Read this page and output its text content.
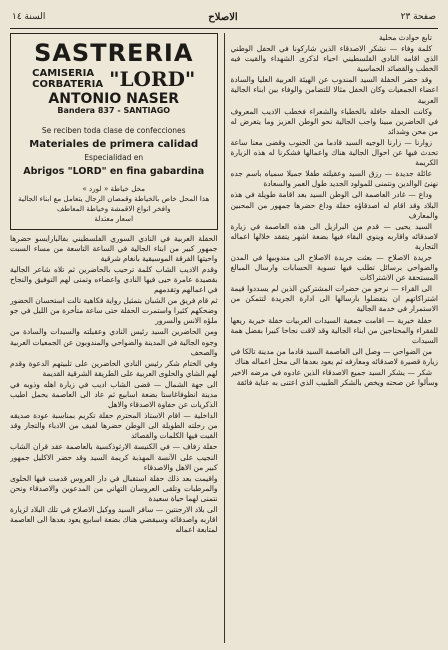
صفحة ٢٣
الاصلاح
السنة ١٤

تابع حوادث محلية

كلمة وفاء — نشكر الاصدقاء الذين شاركونا في الحفل الوطني الذي اقامه النادي الفلسطيني احياء لذكرى الشهداء والقيت فيه الخطب والقصائد الحماسية

وقد حضر الحفلة السيد المندوب عن الهيئة العربية العليا والسادة اعضاء الجمعيات وكان الحفل مثالا للتضامن والوفاء بين ابناء الجالية العربية

وكانت الحفلة حافلة بالخطباء والشعراء فخطب الاديب المعروف في الحاضرين مبينا واجب الجالية نحو الوطن العزيز وما يتعرض له من محن وشدائد

زوارنا — زارنا الوجيه السيد قادما من الجنوب وقضى معنا ساعة تحدث فيها عن احوال الجالية هناك واعمالها فشكرنا له هذه الزيارة الكريمة

عائلة جديدة — رزق السيد وعقيلته طفلا جميلا سمياه باسم جده نهنئ الوالدين ونتمنى للمولود الجديد طول العمر والسعادة

وداع — غادر العاصمة الى الوطن السيد بعد اقامة طويلة في هذه البلاد وقد اقام له اصدقاؤه حفلة وداع حضرها جمهور من المحبين والمعارف

السيد يحيى — قدم من البرازيل الى هذه العاصمة في زيارة لاصدقائه واقاربه وينوي البقاء فيها بضعة اشهر يتفقد خلالها اعماله التجارية

جريدة الاصلاح — بعثت جريدة الاصلاح الى مندوبيها في المدن والضواحي برسائل تطلب فيها تسوية الحسابات وارسال المبالغ المستحقة عن الاشتراكات

الى القراء — نرجو من حضرات المشتركين الذين لم يسددوا قيمة اشتراكاتهم ان يتفضلوا بارسالها الى ادارة الجريدة لتتمكن من الاستمرار في خدمة الجالية

حفلة خيرية — اقامت جمعية السيدات العربيات حفلة خيرية ريعها للفقراء والمحتاجين من ابناء الجالية وقد لاقت نجاحا كبيرا بفضل همة السيدات

من الضواحي — وصل الى العاصمة السيد قادما من مدينة تالكا في زيارة قصيرة لاصدقائه ومعارفه ثم يعود بعدها الى محل اعماله هناك

شكر — يشكر السيد جميع الاصدقاء الذين عادوه في مرضه الاخير وسألوا عن صحته ويخص بالشكر الطبيب الذي اعتنى به عناية فائقة

SASTRERIA
CAMISERIA
CORBATERIA "LORD"
ANTONIO NASER
Bandera 837 - SANTIAGO
Se reciben toda clase de confecciones
Materiales de primera calidad
Especialidad en
Abrigos "LORD" en fina gabardina
محل خياطة « لورد »
هذا المحل خاص بالخياطة وقمصان الرجال يتعامل مع ابناء الجالية
وافخر انواع الاقمشة وخياطة المعاطف
اسعار معتدلة

الحفلة العربية في النادي السوري الفلسطيني بفالبارايسو حضرها جمهور كبير من ابناء الجالية في الساعة التاسعة من مساء السبت واحيتها الفرقة الموسيقية بانغام شرقية

وقدم الاديب الشاب كلمة ترحيب بالحاضرين ثم تلاه شاعر الجالية بقصيدة عامرة حيى فيها النادي واعضاءه وتمنى لهم التوفيق والنجاح في اعمالهم وتقدمهم

ثم قام فريق من الشبان بتمثيل رواية فكاهية نالت استحسان الحضور وضحكهم كثيرا واستمرت الحفلة حتى ساعة متأخرة من الليل في جو ملؤه الانس والسرور

ومن الحاضرين السيد رئيس النادي وعقيلته والسيدات والسادة من وجوه الجالية في المدينة والضواحي والمندوبون عن الجمعيات العربية والصحف

وفي الختام شكر رئيس النادي الحاضرين على تلبيتهم الدعوة وقدم لهم الشاي والحلوى العربية على الطريقة الشرقية القديمة

الى جهة الشمال — قضى الشاب اديب في زيارة اهله وذويه في مدينة انطوفاغاستا بضعة اسابيع ثم عاد الى العاصمة يحمل اطيب الذكريات عن حفاوة الاصدقاء والاهل

الداخلية — اقام الاستاذ المحترم حفلة تكريم بمناسبة عودة صديقه من رحلته الطويلة الى الوطن حضرها لفيف من الادباء والتجار وقد القيت فيها الكلمات والقصائد

حفلة زفاف — في الكنيسة الارثوذكسية بالعاصمة عقد قران الشاب النجيب على الآنسة المهذبة كريمة السيد وقد حضر الاكليل جمهور كبير من الاهل والاصدقاء

واقيمت بعد ذلك حفلة استقبال في دار العروس قدمت فيها الحلوى والمرطبات وتلقى العروسان التهاني من المدعوين والاصدقاء ونحن نتمنى لهما حياة سعيدة

الى بلاد الارجنتين — سافر السيد ووكيل الاصلاح في تلك البلاد لزيارة اقاربه واصدقائه وسيقضي هناك بضعة اسابيع يعود بعدها الى العاصمة لمتابعة اعماله
